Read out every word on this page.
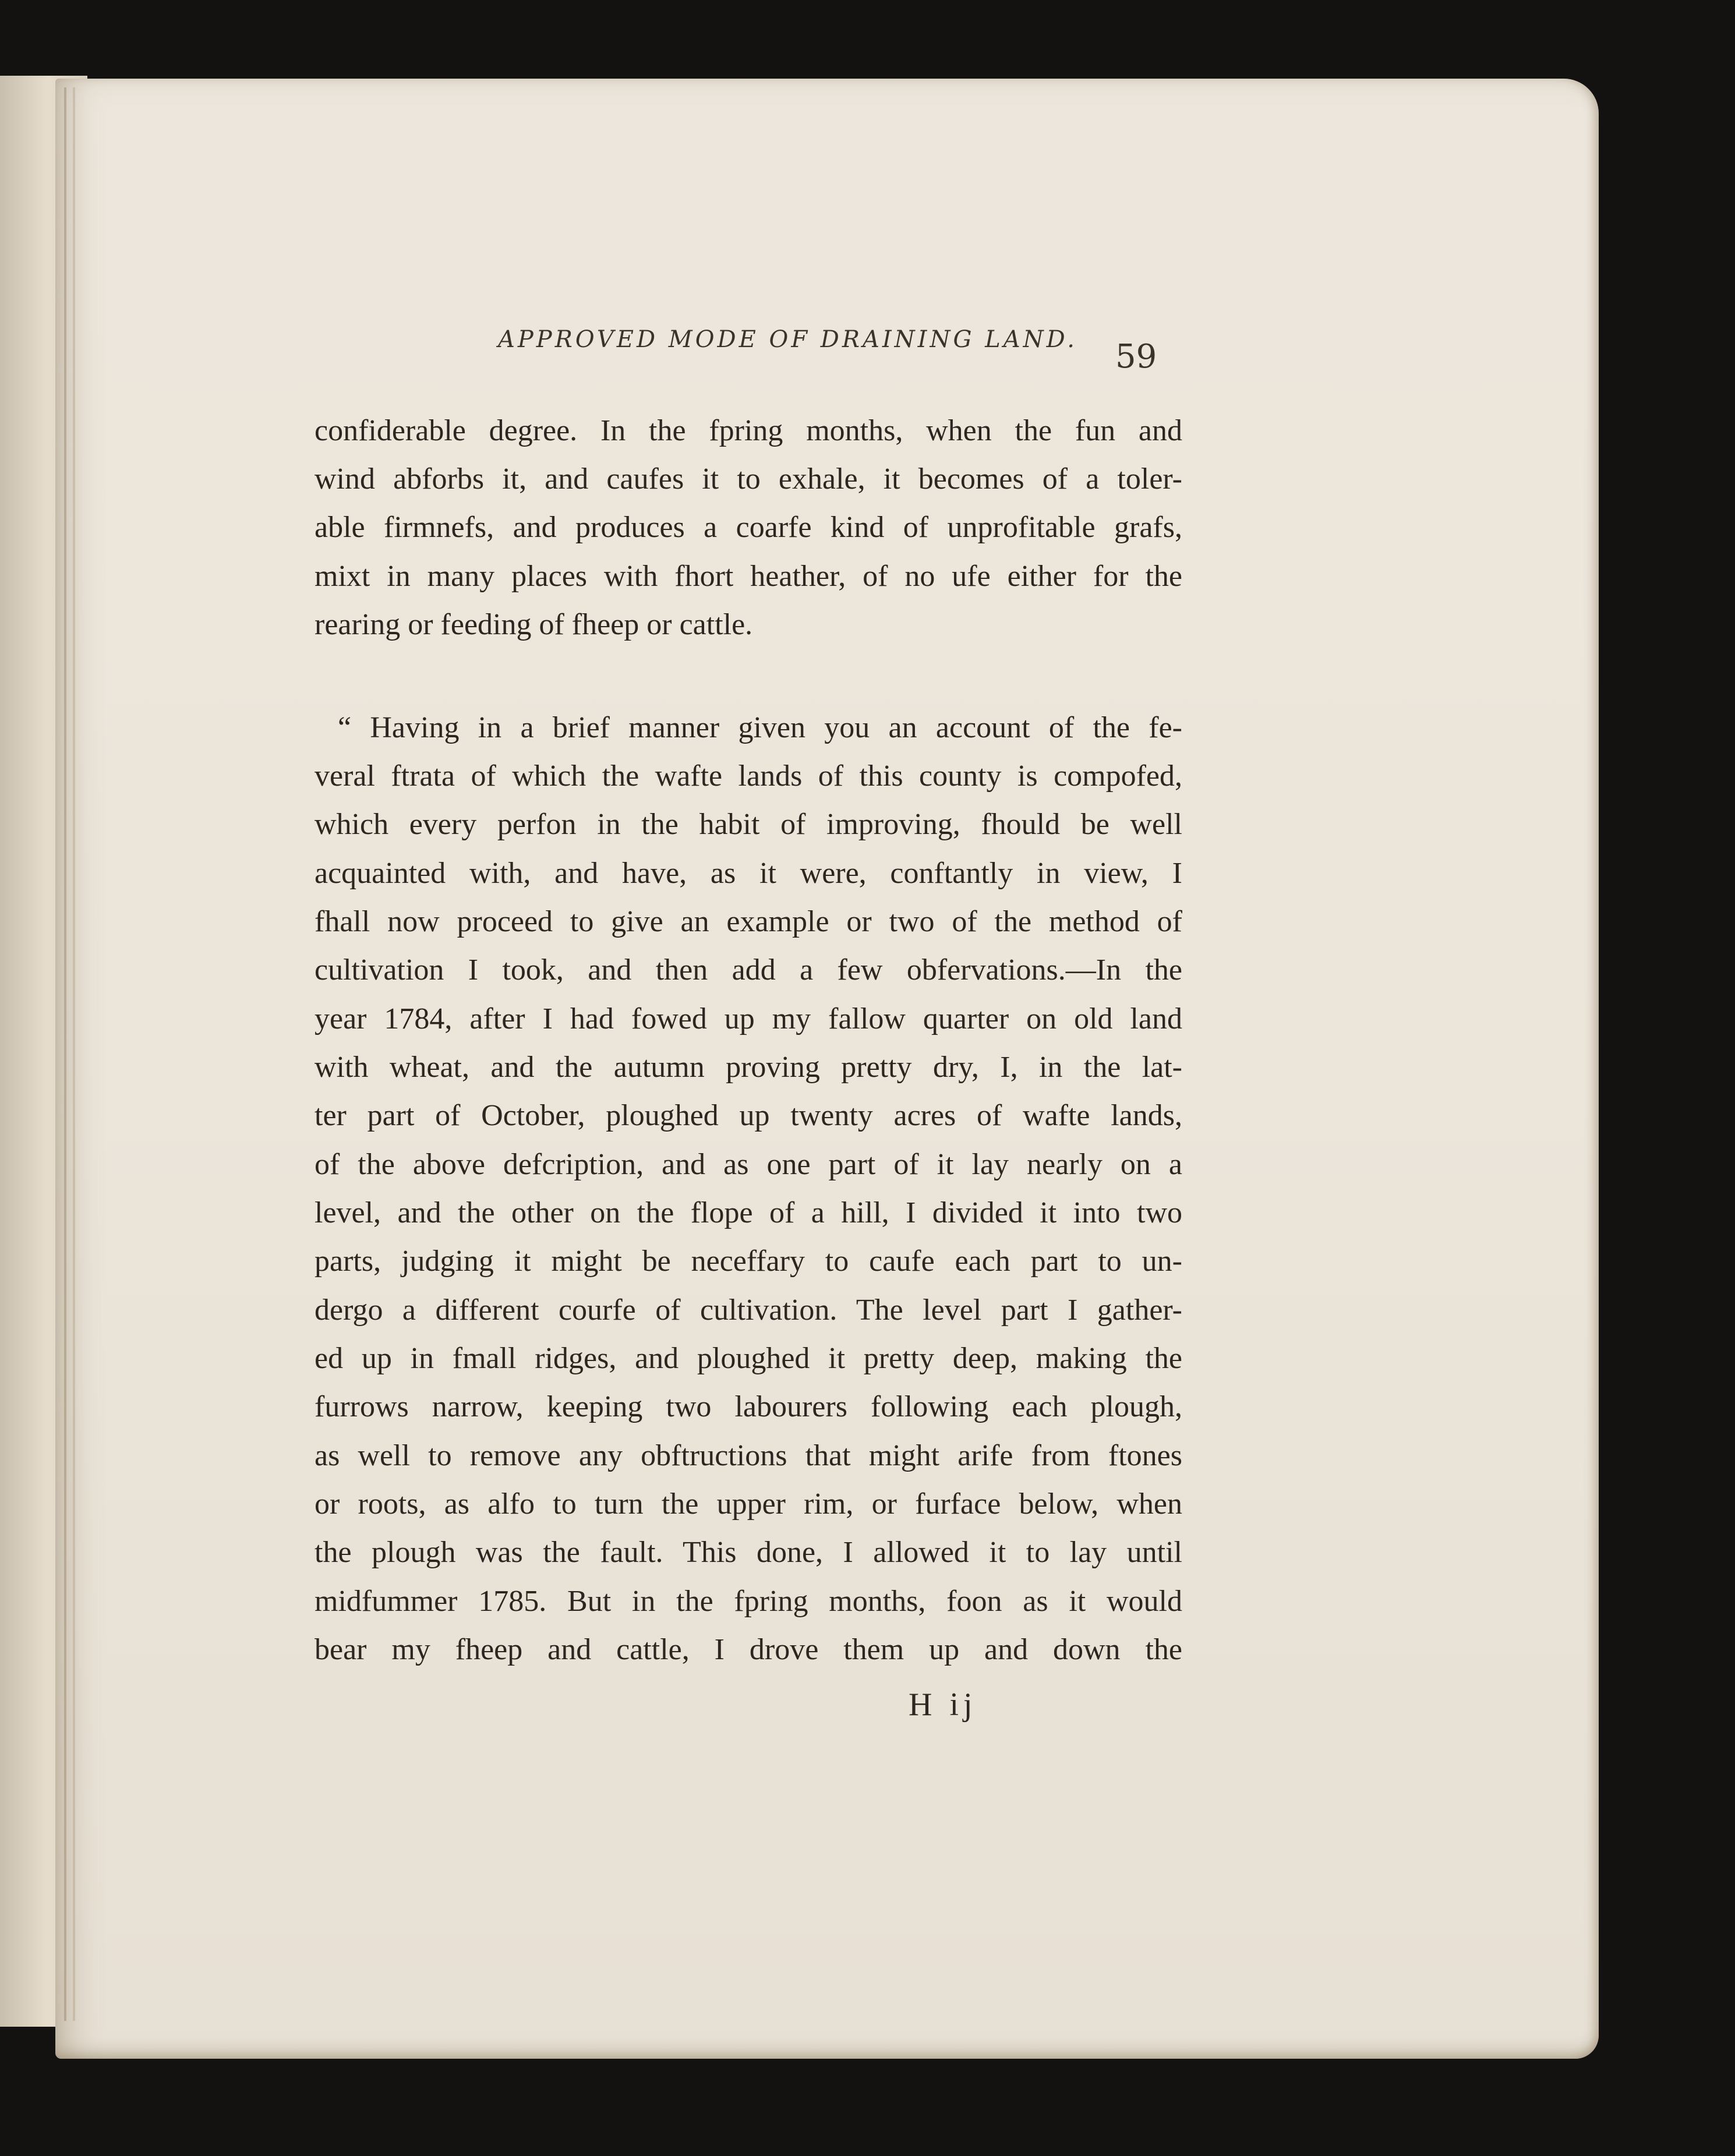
APPROVED MODE OF DRAINING LAND. 59
confiderable degree. In the fpring months, when the fun and
wind abforbs it, and caufes it to exhale, it becomes of a toler-
able firmnefs, and produces a coarfe kind of unprofitable grafs,
mixt in many places with fhort heather, of no ufe either for the
rearing or feeding of fheep or cattle.
“ Having in a brief manner given you an account of the fe-
veral ftrata of which the wafte lands of this county is compofed,
which every perfon in the habit of improving, fhould be well
acquainted with, and have, as it were, conftantly in view, I
fhall now proceed to give an example or two of the method of
cultivation I took, and then add a few obfervations.—In the
year 1784, after I had fowed up my fallow quarter on old land
with wheat, and the autumn proving pretty dry, I, in the lat-
ter part of October, ploughed up twenty acres of wafte lands,
of the above defcription, and as one part of it lay nearly on a
level, and the other on the flope of a hill, I divided it into two
parts, judging it might be neceffary to caufe each part to un-
dergo a different courfe of cultivation. The level part I gather-
ed up in fmall ridges, and ploughed it pretty deep, making the
furrows narrow, keeping two labourers following each plough,
as well to remove any obftructions that might arife from ftones
or roots, as alfo to turn the upper rim, or furface below, when
the plough was the fault. This done, I allowed it to lay until
midfummer 1785. But in the fpring months, foon as it would
bear my fheep and cattle, I drove them up and down the
H ij
